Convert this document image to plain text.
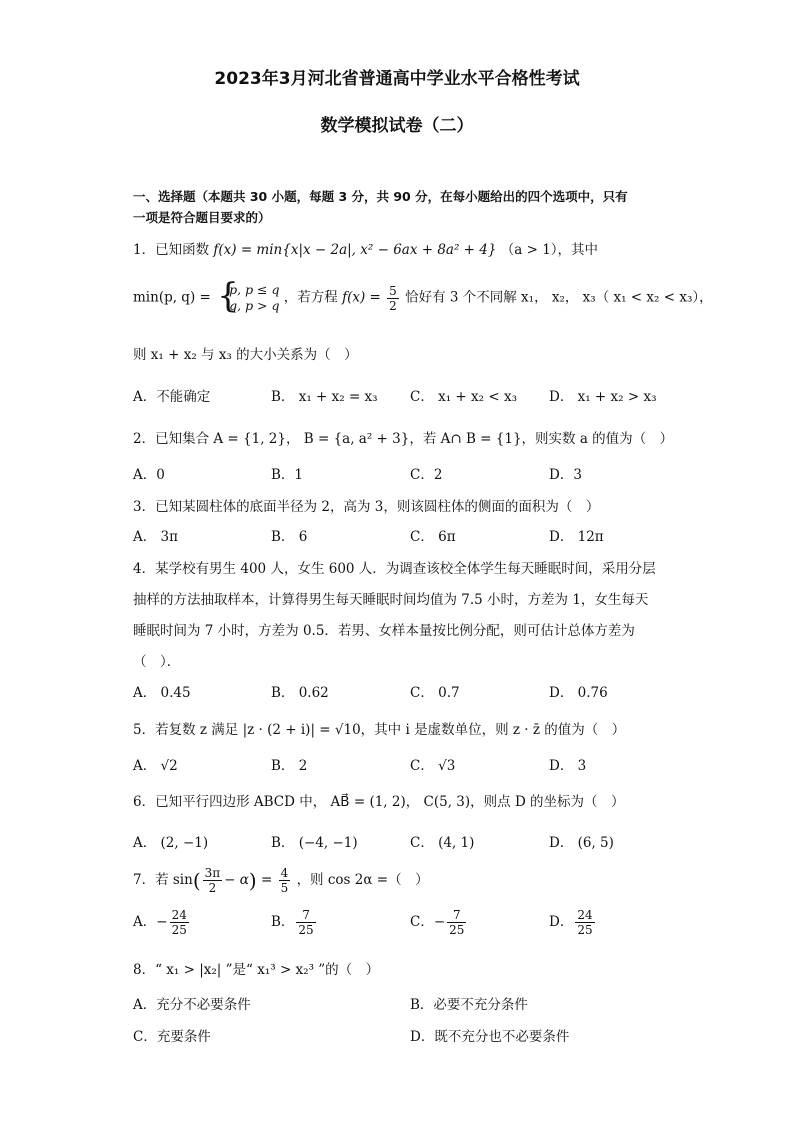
2023年3月河北省普通高中学业水平合格性考试
数学模拟试卷（二）
一、选择题（本题共 30 小题，每题 3 分，共 90 分，在每小题给出的四个选项中，只有
一项是符合题目要求的）
1．已知函数 f(x) = min{x|x − 2a|, x² − 6ax + 8a² + 4} （a > 1），其中
min(p, q) = {
p, p ≤ q
q, p > q ，若方程 $f(x) = \frac{5}{2}$ 恰好有 3 个不同解 x₁， x₂， x₃（ x₁ < x₂ < x₃），
则 x₁ + x₂ 与 x₃ 的大小关系为（　）
A．不能确定	B． x₁ + x₂ = x₃ C． x₁ + x₂ < x₃ D． x₁ + x₂ > x₃
2．已知集合 A = {1, 2}， B = {a, a² + 3}，若 A∩ B = {1}，则实数 a 的值为（　）
A．0	B．1	C．2	D．3
3．已知某圆柱体的底面半径为 2，高为 3，则该圆柱体的侧面的面积为（　）
A． 3π	B． 6	C． 6π	D． 12π
4．某学校有男生 400 人，女生 600 人．为调查该校全体学生每天睡眠时间，采用分层
抽样的方法抽取样本，计算得男生每天睡眠时间均值为 7.5 小时，方差为 1，女生每天
睡眠时间为 7 小时，方差为 0.5．若男、女样本量按比例分配，则可估计总体方差为
（　）．
A． 0.45	B． 0.62	C． 0.7	D． 0.76
5．若复数 z 满足 |z · (2 + i)| = √10，其中 i 是虚数单位，则 z · z̄ 的值为（　）
A． √2	B． 2	C． √3	D． 3
6．已知平行四边形 ABCD 中， AB⃗ = (1, 2)， C(5, 3)，则点 D 的坐标为（　）
A． (2, −1)	B． (−4, −1)	C． (4, 1)	D． (6, 5)
7．若 $\sin( \frac{3\pi}{2} - \alpha) = \frac{4}{5}$ ，则 cos 2α =（　）
A．− $\frac{24}{25}$	B． $\frac{7}{25}$	C．− $\frac{7}{25}$	D． $\frac{24}{25}$
8．“ x₁ > |x₂| ”是“ x₁³ > x₂³ ”的（　）
A．充分不必要条件	B．必要不充分条件
C．充要条件	D．既不充分也不必要条件
